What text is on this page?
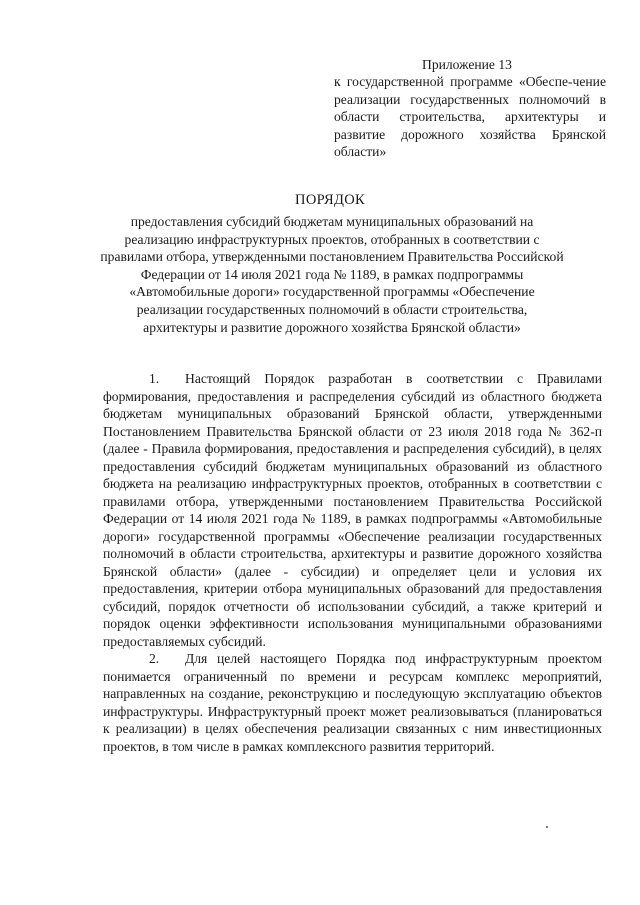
Приложение 13
к государственной программе «Обеспе-чение реализации государственных полномочий в области строительства, архитектуры и развитие дорожного хозяйства Брянской области»
ПОРЯДОК
предоставления субсидий бюджетам муниципальных образований на реализацию инфраструктурных проектов, отобранных в соответствии с правилами отбора, утвержденными постановлением Правительства Российской Федерации от 14 июля 2021 года № 1189, в рамках подпрограммы «Автомобильные дороги» государственной программы «Обеспечение реализации государственных полномочий в области строительства, архитектуры и развитие дорожного хозяйства Брянской области»

1. Настоящий Порядок разработан в соответствии с Правилами формирования, предоставления и распределения субсидий из областного бюджета бюджетам муниципальных образований Брянской области, утвержденными Постановлением Правительства Брянской области от 23 июля 2018 года № 362-п (далее - Правила формирования, предоставления и распределения субсидий), в целях предоставления субсидий бюджетам муниципальных образований из областного бюджета на реализацию инфраструктурных проектов, отобранных в соответствии с правилами отбора, утвержденными постановлением Правительства Российской Федерации от 14 июля 2021 года № 1189, в рамках подпрограммы «Автомобильные дороги» государственной программы «Обеспечение реализации государственных полномочий в области строительства, архитектуры и развитие дорожного хозяйства Брянской области» (далее - субсидии) и определяет цели и условия их предоставления, критерии отбора муниципальных образований для предоставления субсидий, порядок отчетности об использовании субсидий, а также критерий и порядок оценки эффективности использования муниципальными образованиями предоставляемых субсидий.

2. Для целей настоящего Порядка под инфраструктурным проектом понимается ограниченный по времени и ресурсам комплекс мероприятий, направленных на создание, реконструкцию и последующую эксплуатацию объектов инфраструктуры. Инфраструктурный проект может реализовываться (планироваться к реализации) в целях обеспечения реализации связанных с ним инвестиционных проектов, в том числе в рамках комплексного развития территорий.
